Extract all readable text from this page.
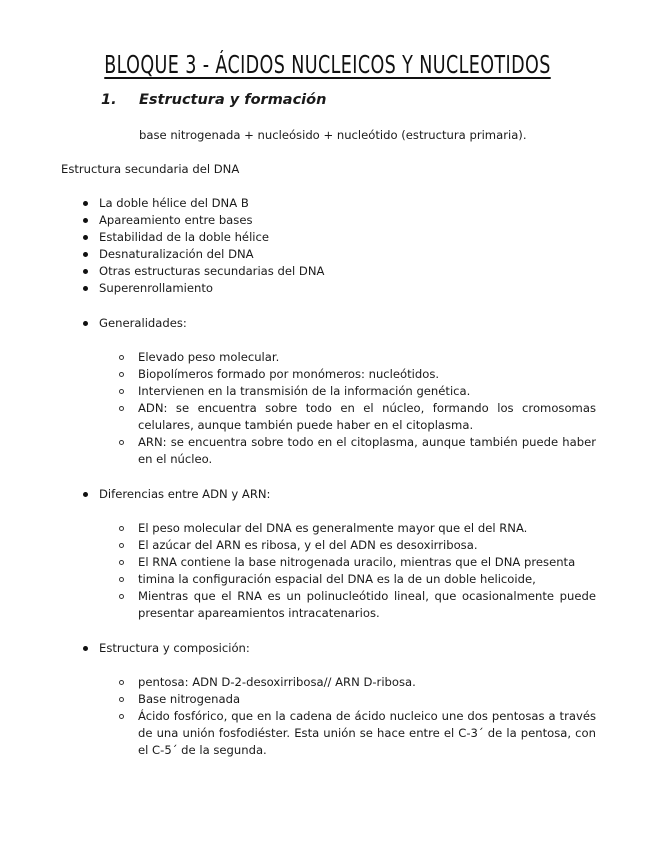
BLOQUE 3 - ÁCIDOS NUCLEICOS Y NUCLEOTIDOS
1. Estructura y formación
base nitrogenada + nucleósido + nucleótido (estructura primaria).
Estructura secundaria del DNA
La doble hélice del DNA B
Apareamiento entre bases
Estabilidad de la doble hélice
Desnaturalización del DNA
Otras estructuras secundarias del DNA
Superenrollamiento
Generalidades:
Elevado peso molecular.
Biopolímeros formado por monómeros: nucleótidos.
Intervienen en la transmisión de la información genética.
ADN: se encuentra sobre todo en el núcleo, formando los cromosomas celulares, aunque también puede haber en el citoplasma.
ARN: se encuentra sobre todo en el citoplasma, aunque también puede haber en el núcleo.
Diferencias entre ADN y ARN:
El peso molecular del DNA es generalmente mayor que el del RNA.
El azúcar del ARN es ribosa, y el del ADN es desoxirribosa.
El RNA contiene la base nitrogenada uracilo, mientras que el DNA presenta
timina la configuración espacial del DNA es la de un doble helicoide,
Mientras que el RNA es un polinucleótido lineal, que ocasionalmente puede presentar apareamientos intracatenarios.
Estructura y composición:
pentosa: ADN D-2-desoxirribosa// ARN D-ribosa.
Base nitrogenada
Ácido fosfórico, que en la cadena de ácido nucleico une dos pentosas a través de una unión fosfodiéster. Esta unión se hace entre el C-3´ de la pentosa, con el C-5´ de la segunda.
